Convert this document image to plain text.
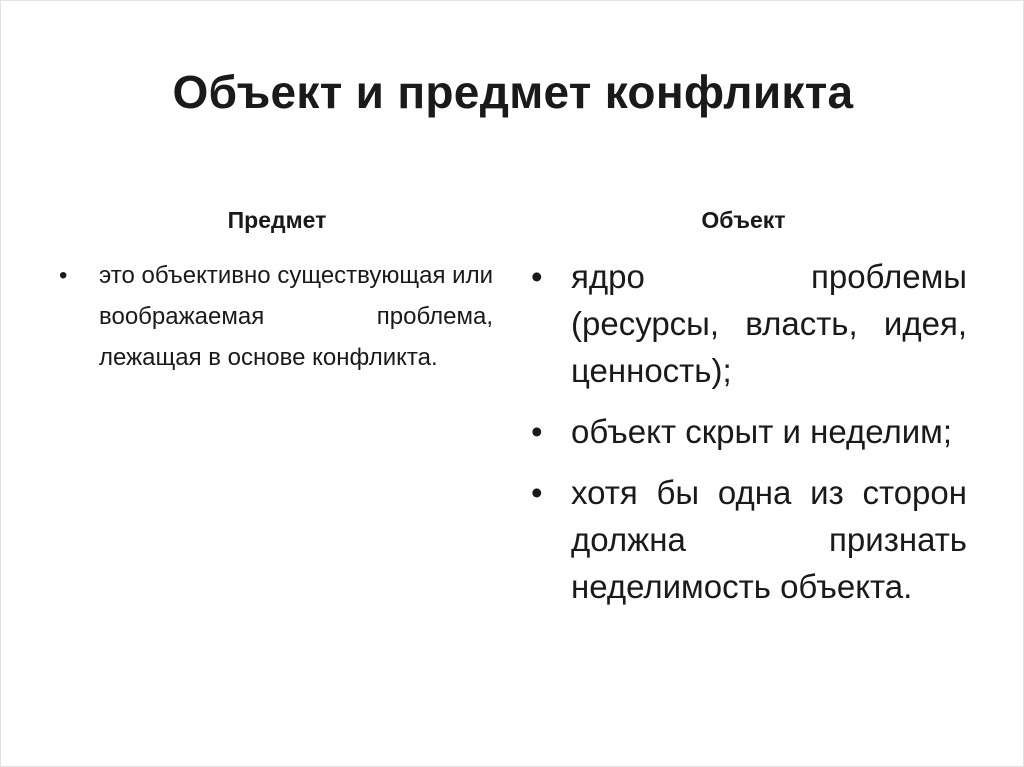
Объект и предмет конфликта
Предмет	Объект
• это объективно существующая или воображаемая проблема, лежащая в основе конфликта.
• ядро проблемы (ресурсы, власть, идея, ценность);
• объект скрыт и неделим;
• хотя бы одна из сторон должна признать неделимость объекта.
